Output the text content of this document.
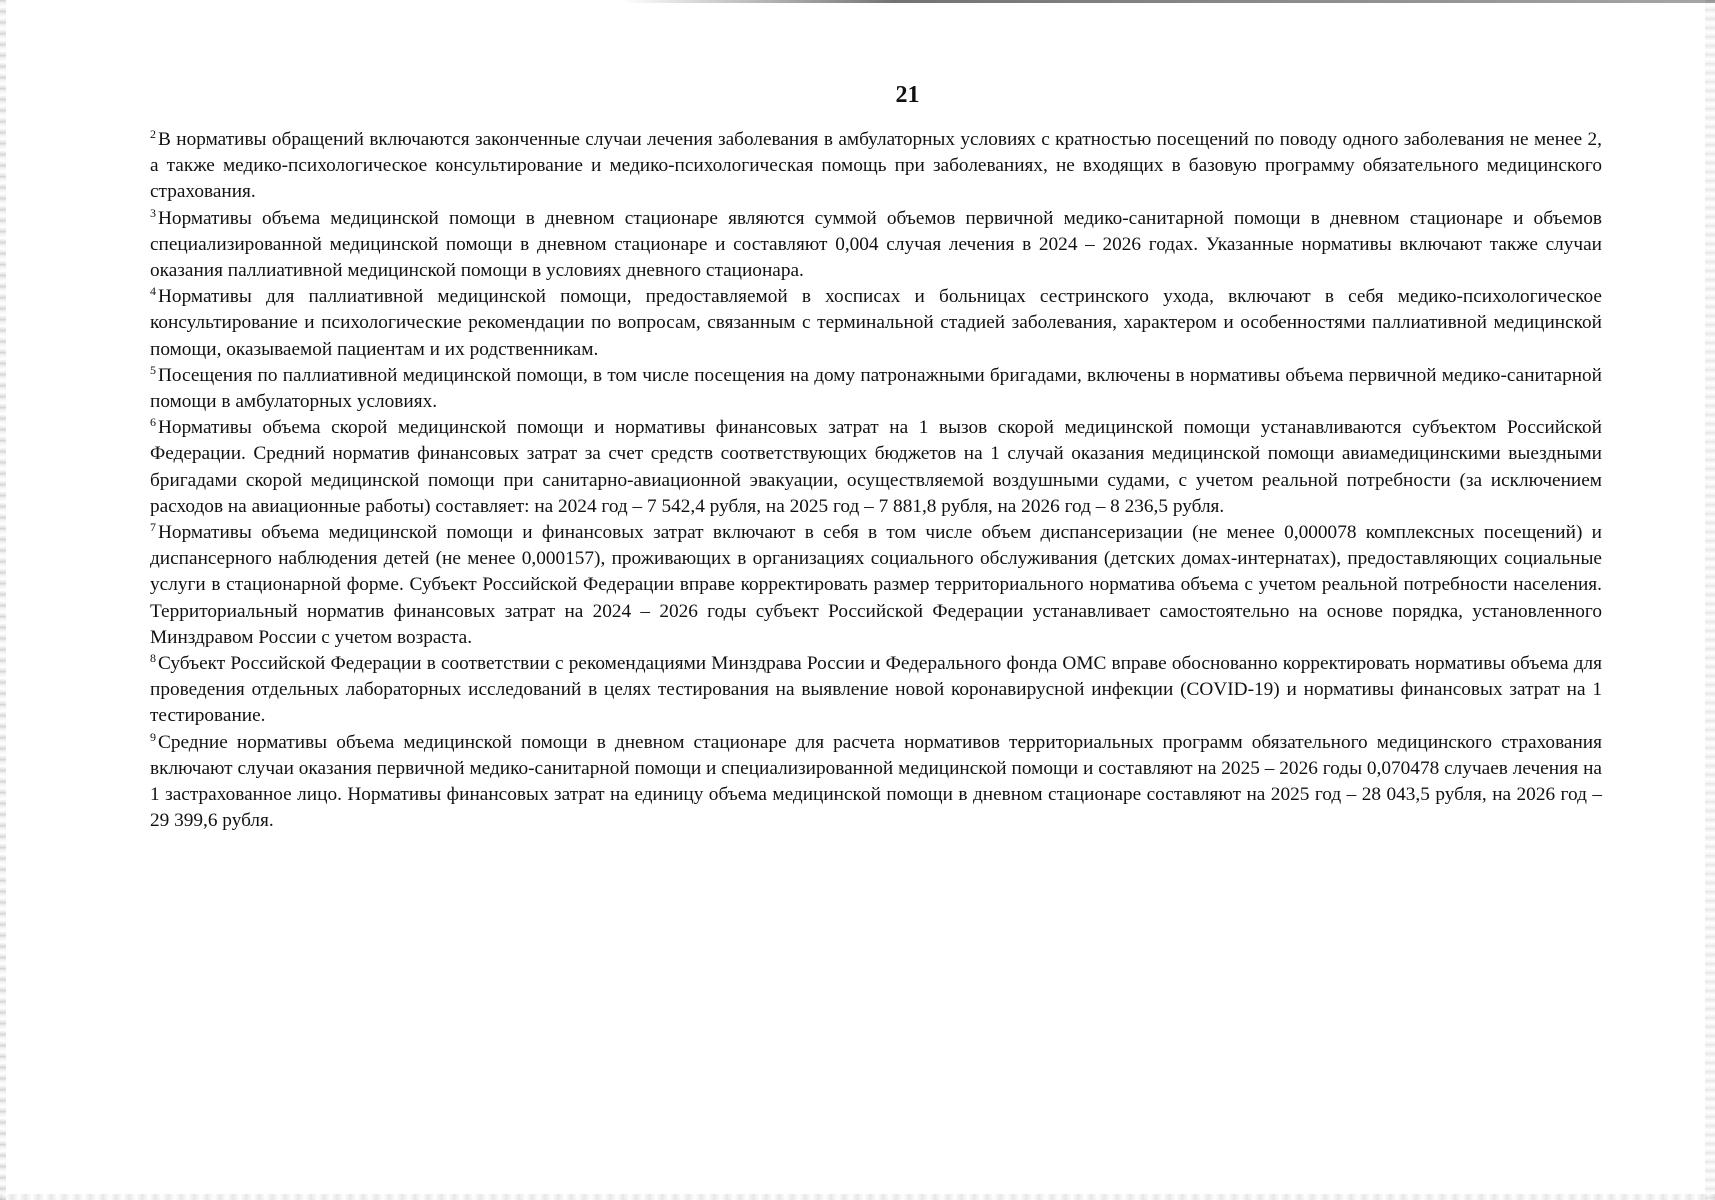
21

$^2$ В нормативы обращений включаются законченные случаи лечения заболевания в амбулаторных условиях с кратностью посещений по поводу одного заболевания не менее 2, а также медико-психологическое консультирование и медико-психологическая помощь при заболеваниях, не входящих в базовую программу обязательного медицинского страхования.

$^3$ Нормативы объема медицинской помощи в дневном стационаре являются суммой объемов первичной медико-санитарной помощи в дневном стационаре и объемов специализированной медицинской помощи в дневном стационаре и составляют 0,004 случая лечения в 2024 – 2026 годах. Указанные нормативы включают также случаи оказания паллиативной медицинской помощи в условиях дневного стационара.

$^4$ Нормативы для паллиативной медицинской помощи, предоставляемой в хосписах и больницах сестринского ухода, включают в себя медико-психологическое консультирование и психологические рекомендации по вопросам, связанным с терминальной стадией заболевания, характером и особенностями паллиативной медицинской помощи, оказываемой пациентам и их родственникам.

$^5$ Посещения по паллиативной медицинской помощи, в том числе посещения на дому патронажными бригадами, включены в нормативы объема первичной медико-санитарной помощи в амбулаторных условиях.

$^6$ Нормативы объема скорой медицинской помощи и нормативы финансовых затрат на 1 вызов скорой медицинской помощи устанавливаются субъектом Российской Федерации. Средний норматив финансовых затрат за счет средств соответствующих бюджетов на 1 случай оказания медицинской помощи авиамедицинскими выездными бригадами скорой медицинской помощи при санитарно-авиационной эвакуации, осуществляемой воздушными судами, с учетом реальной потребности (за исключением расходов на авиационные работы) составляет: на 2024 год – 7 542,4 рубля, на 2025 год – 7 881,8 рубля, на 2026 год – 8 236,5 рубля.

$^7$ Нормативы объема медицинской помощи и финансовых затрат включают в себя в том числе объем диспансеризации (не менее 0,000078 комплексных посещений) и диспансерного наблюдения детей (не менее 0,000157), проживающих в организациях социального обслуживания (детских домах-интернатах), предоставляющих социальные услуги в стационарной форме. Субъект Российской Федерации вправе корректировать размер территориального норматива объема с учетом реальной потребности населения. Территориальный норматив финансовых затрат на 2024 – 2026 годы субъект Российской Федерации устанавливает самостоятельно на основе порядка, установленного Минздравом России с учетом возраста.

$^8$ Субъект Российской Федерации в соответствии с рекомендациями Минздрава России и Федерального фонда ОМС вправе обоснованно корректировать нормативы объема для проведения отдельных лабораторных исследований в целях тестирования на выявление новой коронавирусной инфекции (COVID-19) и нормативы финансовых затрат на 1 тестирование.

$^9$ Средние нормативы объема медицинской помощи в дневном стационаре для расчета нормативов территориальных программ обязательного медицинского страхования включают случаи оказания первичной медико-санитарной помощи и специализированной медицинской помощи и составляют на 2025 – 2026 годы 0,070478 случаев лечения на 1 застрахованное лицо. Нормативы финансовых затрат на единицу объема медицинской помощи в дневном стационаре составляют на 2025 год – 28 043,5 рубля, на 2026 год – 29 399,6 рубля.
